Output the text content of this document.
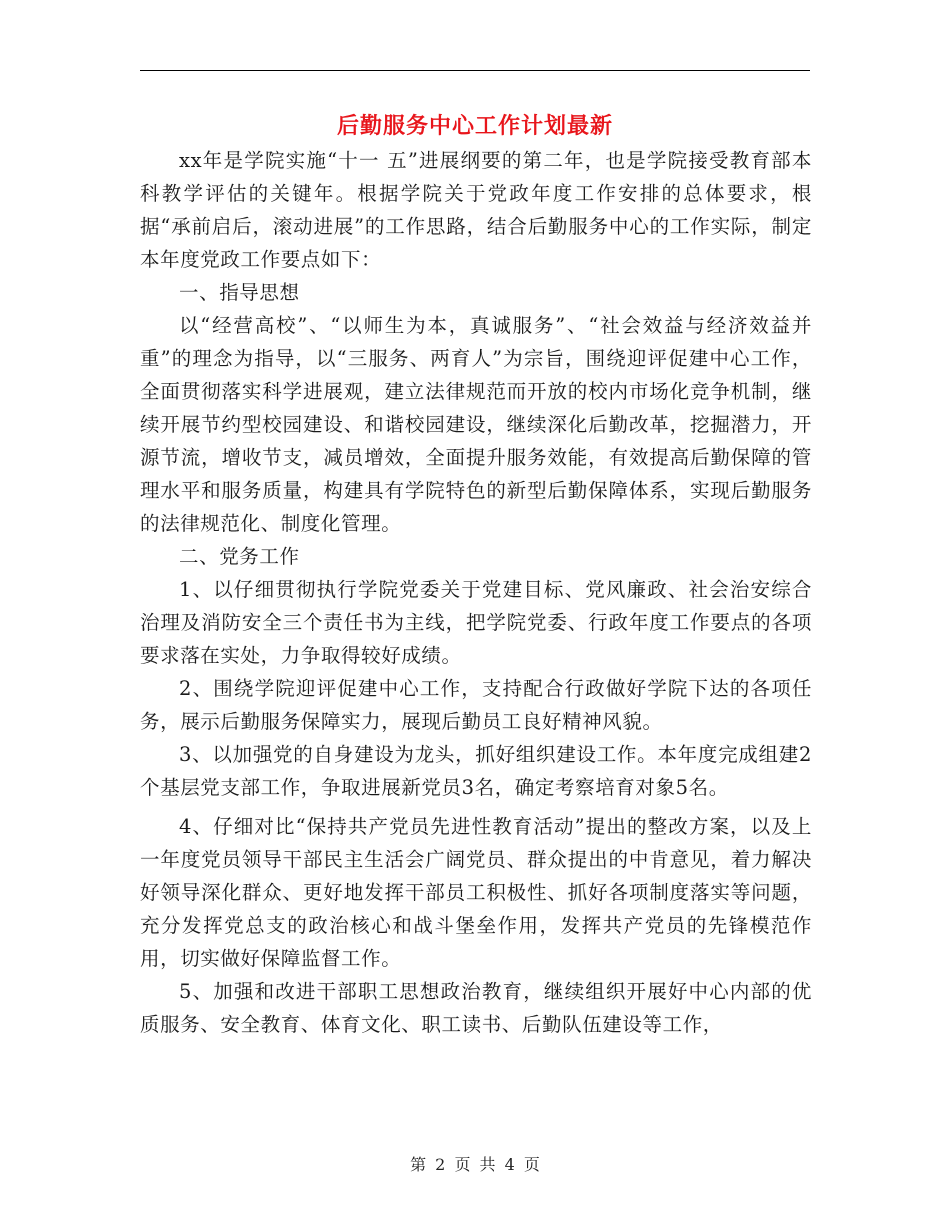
后勤服务中心工作计划最新

xx年是学院实施“十一 五”进展纲要的第二年，也是学院接受教育部本科教学评估的关键年。根据学院关于党政年度工作安排的总体要求，根据“承前启后，滚动进展”的工作思路，结合后勤服务中心的工作实际，制定本年度党政工作要点如下：

一、指导思想

以“经营高校”、“以师生为本，真诚服务”、“社会效益与经济效益并重”的理念为指导，以“三服务、两育人”为宗旨，围绕迎评促建中心工作，全面贯彻落实科学进展观，建立法律规范而开放的校内市场化竞争机制，继续开展节约型校园建设、和谐校园建设，继续深化后勤改革，挖掘潜力，开源节流，增收节支，减员增效，全面提升服务效能，有效提高后勤保障的管理水平和服务质量，构建具有学院特色的新型后勤保障体系，实现后勤服务的法律规范化、制度化管理。

二、党务工作

1、以仔细贯彻执行学院党委关于党建目标、党风廉政、社会治安综合治理及消防安全三个责任书为主线，把学院党委、行政年度工作要点的各项要求落在实处，力争取得较好成绩。

2、围绕学院迎评促建中心工作，支持配合行政做好学院下达的各项任务，展示后勤服务保障实力，展现后勤员工良好精神风貌。

3、以加强党的自身建设为龙头，抓好组织建设工作。本年度完成组建2个基层党支部工作，争取进展新党员3名，确定考察培育对象5名。

4、仔细对比“保持共产党员先进性教育活动”提出的整改方案，以及上一年度党员领导干部民主生活会广阔党员、群众提出的中肯意见，着力解决好领导深化群众、更好地发挥干部员工积极性、抓好各项制度落实等问题，充分发挥党总支的政治核心和战斗堡垒作用，发挥共产党员的先锋模范作用，切实做好保障监督工作。

5、加强和改进干部职工思想政治教育，继续组织开展好中心内部的优质服务、安全教育、体育文化、职工读书、后勤队伍建设等工作，

第 2 页 共 4 页
